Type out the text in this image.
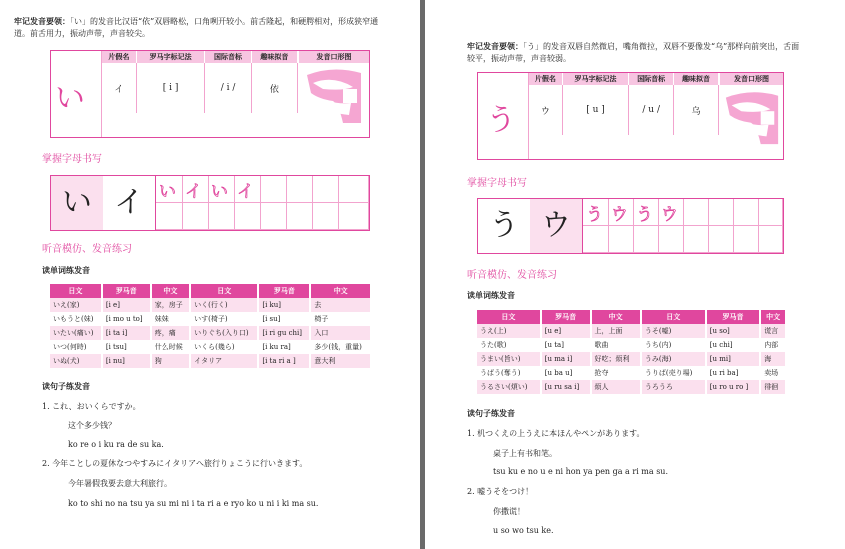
牢记发音要领：「い」的发音比汉语“依”双唇略松，口角咧开较小。前舌隆起，和硬腭相对，形成狭窄通道。前舌用力，振动声带，声音较尖。
い
片假名	罗马字标记法	国际音标	趣味拟音
イ	[ i ]	/ i /	依
发音口形图
掌握字母书写
い イ い イ い イ
听音模仿、发音练习
读单词练发音
日文	罗马音	中文	日文	罗马音	中文
いえ(家)	[i e]	家，房子	いく(行く)	[i ku]	去
いもうと(妹)	[i mo u to]	妹妹	いす(椅子)	[i su]	椅子
いたい(痛い)	[i ta i]	疼，痛	いりぐち(入り口)	[i ri gu chi]	入口
いつ(何時)	[i tsu]	什么时候	いくら(幾ら)	[i ku ra]	多少(钱，重量)
いぬ(犬)	[i nu]	狗	イタリア	[i ta ri a ]	意大利
读句子练发音
1. これ、おいくらですか。
这个多少钱？
ko re o i ku ra de su ka.
2. 今年ことしの夏休なつやすみにイタリアへ旅行りょこうに行いきます。
今年暑假我要去意大利旅行。
ko to shi no na tsu ya su mi ni i ta ri a e ryo ko u ni i ki ma su.
牢记发音要领：「う」的发音双唇自然微启，嘴角微拉，双唇不要像发“乌”那样向前突出，舌面较平，振动声带，声音较弱。
う
片假名	罗马字标记法	国际音标	趣味拟音
ウ	[ u ]	/ u /	乌
发音口形图
掌握字母书写
う ウ う ウ う ウ
听音模仿、发音练习
读单词练发音
日文	罗马音	中文	日文	罗马音	中文
うえ(上)	[u e]	上，上面	うそ(嘘)	[u so]	谎言
うた(歌)	[u ta]	歌曲	うち(内)	[u chi]	内部
うまい(旨い)	[u ma i]	好吃；烦利	うみ(海)	[u mi]	海
うばう(奪う)	[u ba u]	抢夺	うりば(売り場)	[u ri ba]	卖场
うるさい(煩い)	[u ru sa i]	烦人	うろうろ	[u ro u ro ]	徘徊
读句子练发音
1. 机つくえの上うえに本ほんやペンがあります。
桌子上有书和笔。
tsu ku e no u e ni hon ya pen ga a ri ma su.
2. 嘘うそをつけ！
你撒谎！
u so wo tsu ke.
